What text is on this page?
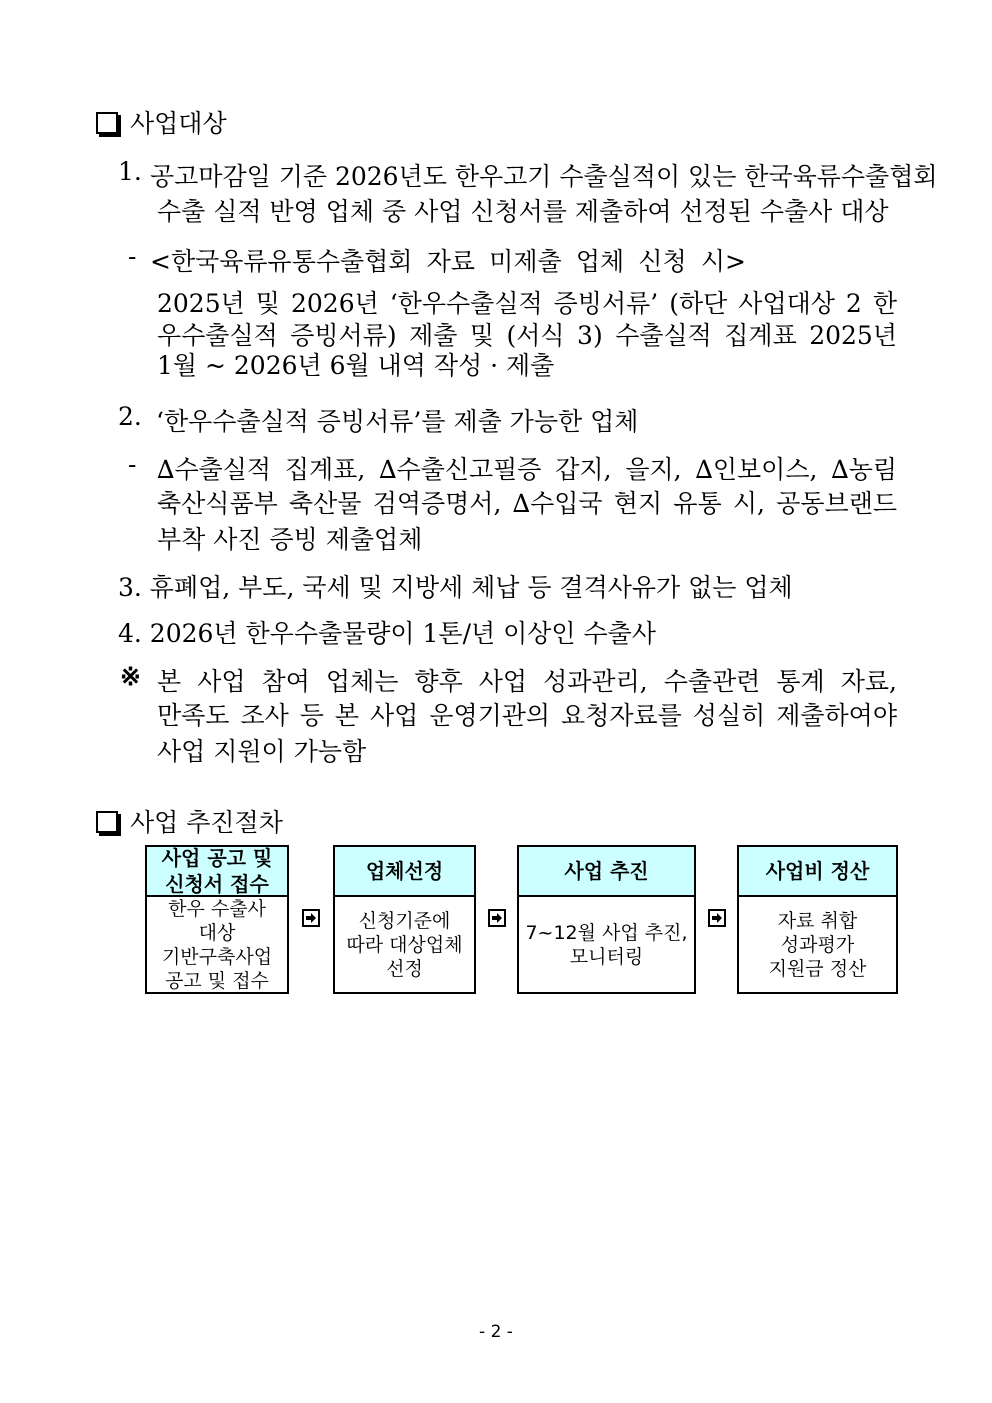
사업대상
1. 공고마감일 기준 2026년도 한우고기 수출실적이 있는 한국육류수출협회
수출 실적 반영 업체 중 사업 신청서를 제출하여 선정된 수출사 대상
- <한국육류유통수출협회 자료 미제출 업체 신청 시>
2025년 및 2026년 ‘한우수출실적 증빙서류’ (하단 사업대상 2 한
우수출실적 증빙서류) 제출 및 (서식 3) 수출실적 집계표 2025년
1월 ~ 2026년 6월 내역 작성 · 제출
2. ‘한우수출실적 증빙서류’를 제출 가능한 업체
- ∆수출실적 집계표, ∆수출신고필증 갑지, 을지, ∆인보이스, ∆농림
축산식품부 축산물 검역증명서, ∆수입국 현지 유통 시, 공동브랜드
부착 사진 증빙 제출업체
3. 휴폐업, 부도, 국세 및 지방세 체납 등 결격사유가 없는 업체
4. 2026년 한우수출물량이 1톤/년 이상인 수출사
※ 본 사업 참여 업체는 향후 사업 성과관리, 수출관련 통계 자료,
만족도 조사 등 본 사업 운영기관의 요청자료를 성실히 제출하여야
사업 지원이 가능함
사업 추진절차
사업 공고 및
신청서 접수
한우 수출사
대상
기반구축사업
공고 및 접수
업체선정
신청기준에
따라 대상업체
선정
사업 추진
7~12월 사업 추진,
모니터링
사업비 정산
자료 취합
성과평가
지원금 정산
- 2 -
